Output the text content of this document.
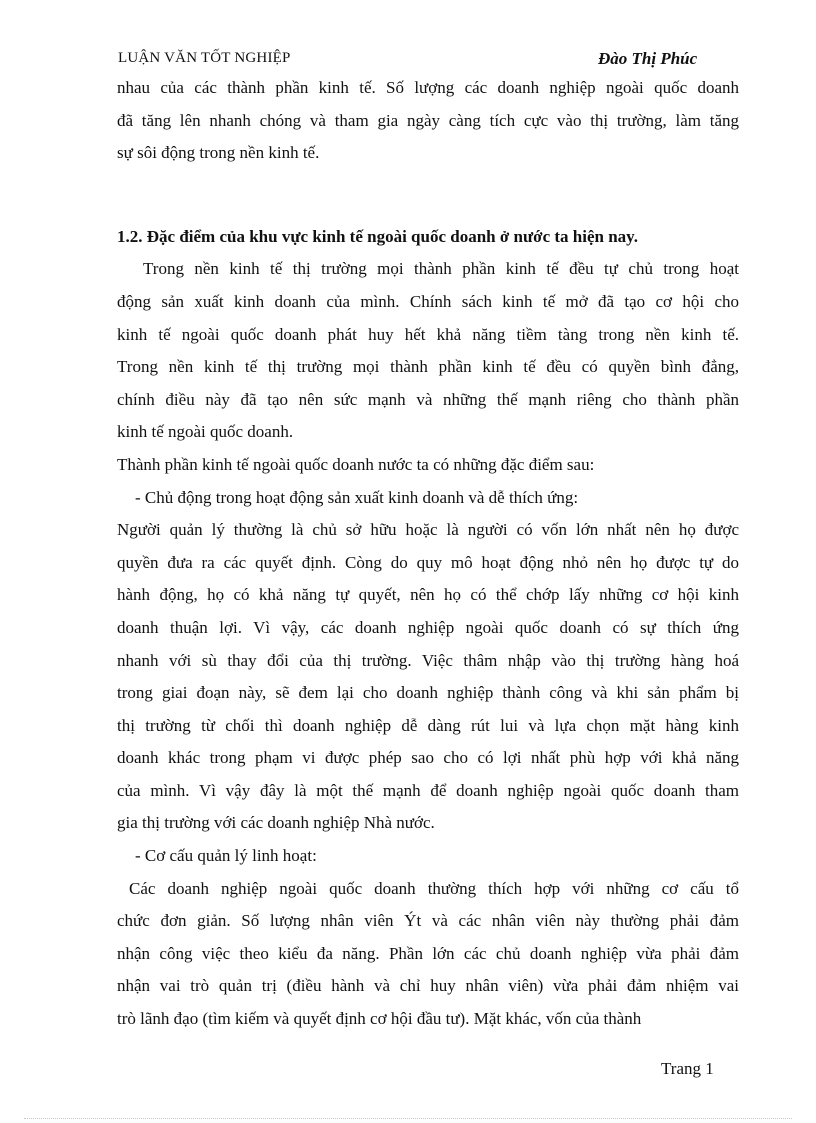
LUẬN VĂN TỐT NGHIỆP	Đào Thị Phúc
nhau của các thành phần kinh tế. Số lượng các doanh nghiệp ngoài quốc doanh
đã tăng lên nhanh chóng và tham gia ngày càng tích cực vào thị trường, làm tăng
sự sôi động trong nền kinh tế.
1.2. Đặc điểm của khu vực kinh tế ngoài quốc doanh ở nước ta hiện nay.
Trong nền kinh tế thị trường mọi thành phần kinh tế đều tự chủ trong hoạt
động sản xuất kinh doanh của mình. Chính sách kinh tế mở đã tạo cơ hội cho
kinh tế ngoài quốc doanh phát huy hết khả năng tiềm tàng trong nền kinh tế.
Trong nền kinh tế thị trường mọi thành phần kinh tế đều có quyền bình đẳng,
chính điều này đã tạo nên sức mạnh và những thế mạnh riêng cho thành phần
kinh tế ngoài quốc doanh.
Thành phần kinh tế ngoài quốc doanh nước ta có những đặc điểm sau:
- Chủ động trong hoạt động sản xuất kinh doanh và dễ thích ứng:
Người quản lý thường là chủ sở hữu hoặc là người có vốn lớn nhất nên họ được
quyền đưa ra các quyết định. Còng do quy mô hoạt động nhỏ nên họ được tự do
hành động, họ có khả năng tự quyết, nên họ có thể chớp lấy những cơ hội kinh
doanh thuận lợi. Vì vậy, các doanh nghiệp ngoài quốc doanh có sự thích ứng
nhanh với sù thay đổi của thị trường. Việc thâm nhập vào thị trường hàng hoá
trong giai đoạn này, sẽ đem lại cho doanh nghiệp thành công và khi sản phẩm bị
thị trường từ chối thì doanh nghiệp dễ dàng rút lui và lựa chọn mặt hàng kinh
doanh khác trong phạm vi được phép sao cho có lợi nhất phù hợp với khả năng
của mình. Vì vậy đây là một thế mạnh để doanh nghiệp ngoài quốc doanh tham
gia thị trường với các doanh nghiệp Nhà nước.
- Cơ cấu quản lý linh hoạt:
Các doanh nghiệp ngoài quốc doanh thường thích hợp với những cơ cấu tổ
chức đơn giản. Số lượng nhân viên Ýt và các nhân viên này thường phải đảm
nhận công việc theo kiểu đa năng. Phần lớn các chủ doanh nghiệp vừa phải đảm
nhận vai trò quản trị (điều hành và chỉ huy nhân viên) vừa phải đảm nhiệm vai
trò lãnh đạo (tìm kiếm và quyết định cơ hội đầu tư). Mặt khác, vốn của thành
Trang 1
